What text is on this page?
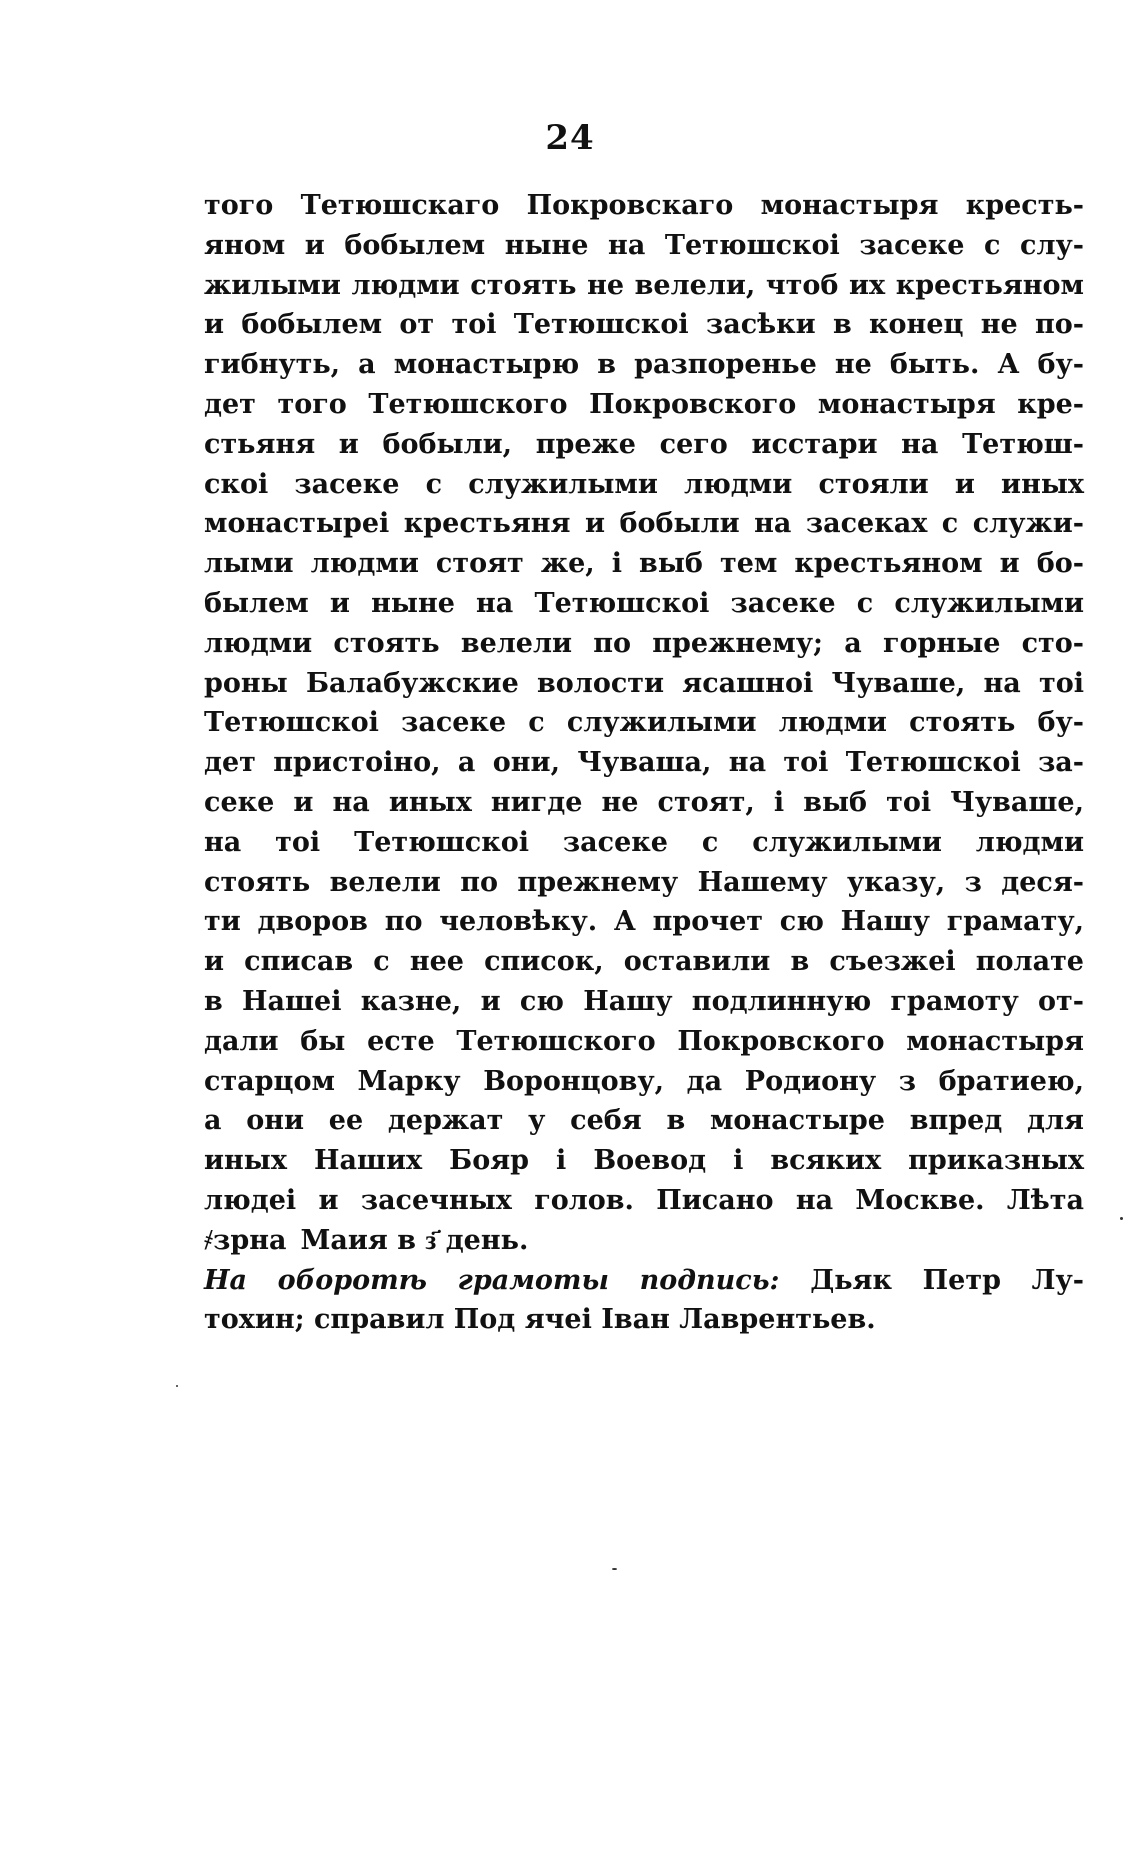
24
того Тетюшскаго Покровскаго монастыря кресть-
яном и бобылем ныне на Тетюшскоі засеке с слу-
жилыми людми стоять не велели, чтоб их крестьяном
и бобылем от тоі Тетюшскоі засѣки в конец не по-
гибнуть, а монастырю в разпоренье не быть. А бу-
дет того Тетюшского Покровского монастыря кре-
стьяня и бобыли, преже сего исстари на Тетюш-
скоі засеке с служилыми людми стояли и иных
монастыреі крестьяня и бобыли на засеках с служи-
лыми людми стоят же, і выб тем крестьяном и бо-
былем и ныне на Тетюшскоі засеке с служилыми
людми стоять велели по прежнему; а горные сто-
роны Балабужские волости ясашноі Чуваше, на тоі
Тетюшскоі засеке с служилыми людми стоять бу-
дет пристоіно, а они, Чуваша, на тоі Тетюшскоі за-
секе и на иных нигде не стоят, і выб тоі Чуваше,
на тоі Тетюшскоі засеке с служилыми людми
стоять велели по прежнему Нашему указу, з деся-
ти дворов по человѣку. А прочет сю Нашу грамату,
и списав с нее список, оставили в съезжеі полате
в Нашеі казне, и сю Нашу подлинную грамоту от-
дали бы есте Тетюшского Покровского монастыря
старцом Марку Воронцову, да Родиону з братиею,
а они ее держат у себя в монастыре впред для
иных Наших Бояр і Воевод і всяких приказных
людеі и засечных голов. Писано на Москве. Лѣта
҂зрна Маия в з҃ день.
На оборотѣ грамоты подпись: Дьяк Петр Лу-
тохин; справил Под ячеі Іван Лаврентьев.
